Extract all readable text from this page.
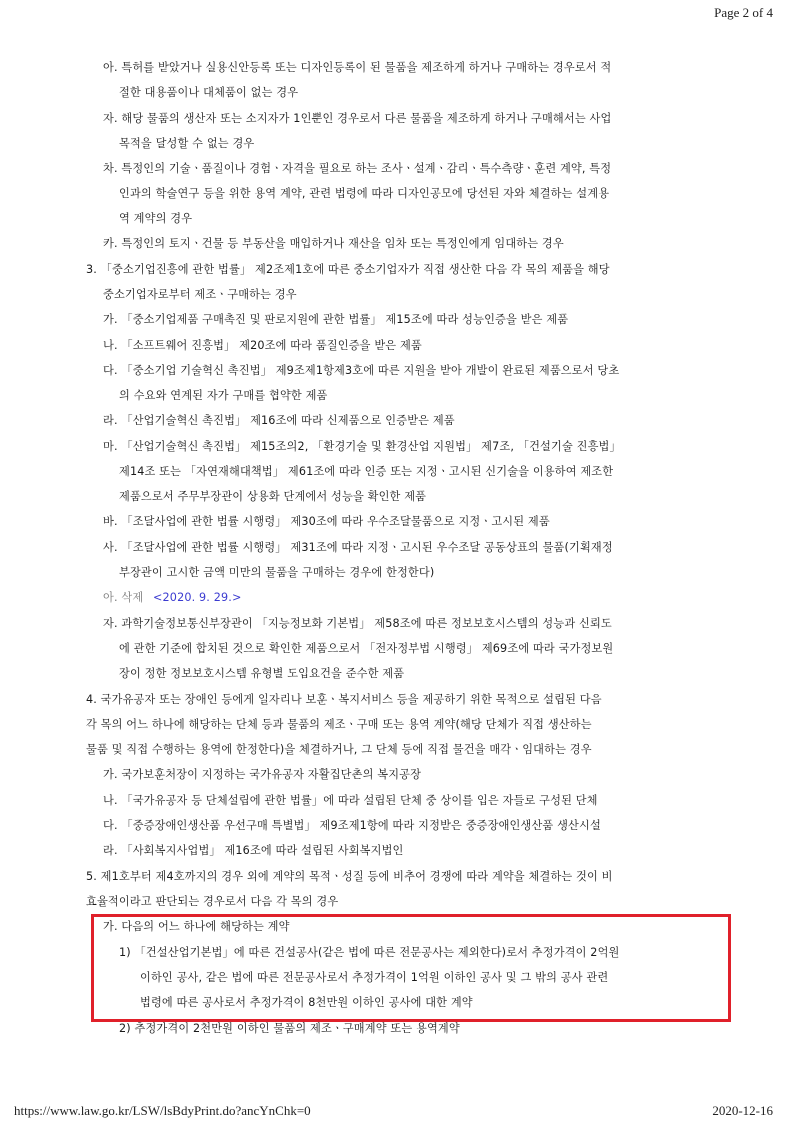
Page 2 of 4
아. 특허를 받았거나 실용신안등록 또는 디자인등록이 된 물품을 제조하게 하거나 구매하는 경우로서 적
절한 대용품이나 대체품이 없는 경우
자. 해당 물품의 생산자 또는 소지자가 1인뿐인 경우로서 다른 물품을 제조하게 하거나 구매해서는 사업
목적을 달성할 수 없는 경우
차. 특정인의 기술ㆍ품질이나 경험ㆍ자격을 필요로 하는 조사ㆍ설계ㆍ감리ㆍ특수측량ㆍ훈련 계약, 특정
인과의 학술연구 등을 위한 용역 계약, 관련 법령에 따라 디자인공모에 당선된 자와 체결하는 설계용
역 계약의 경우
카. 특정인의 토지ㆍ건물 등 부동산을 매입하거나 재산을 임차 또는 특정인에게 임대하는 경우
3. 「중소기업진흥에 관한 법률」 제2조제1호에 따른 중소기업자가 직접 생산한 다음 각 목의 제품을 해당
중소기업자로부터 제조ㆍ구매하는 경우
가. 「중소기업제품 구매촉진 및 판로지원에 관한 법률」 제15조에 따라 성능인증을 받은 제품
나. 「소프트웨어 진흥법」 제20조에 따라 품질인증을 받은 제품
다. 「중소기업 기술혁신 촉진법」 제9조제1항제3호에 따른 지원을 받아 개발이 완료된 제품으로서 당초
의 수요와 연계된 자가 구매를 협약한 제품
라. 「산업기술혁신 촉진법」 제16조에 따라 신제품으로 인증받은 제품
마. 「산업기술혁신 촉진법」 제15조의2, 「환경기술 및 환경산업 지원법」 제7조, 「건설기술 진흥법」
제14조 또는 「자연재해대책법」 제61조에 따라 인증 또는 지정ㆍ고시된 신기술을 이용하여 제조한
제품으로서 주무부장관이 상용화 단계에서 성능을 확인한 제품
바. 「조달사업에 관한 법률 시행령」 제30조에 따라 우수조달물품으로 지정ㆍ고시된 제품
사. 「조달사업에 관한 법률 시행령」 제31조에 따라 지정ㆍ고시된 우수조달 공동상표의 물품(기획재정
부장관이 고시한 금액 미만의 물품을 구매하는 경우에 한정한다)
아. 삭제 <2020. 9. 29.>
자. 과학기술정보통신부장관이 「지능정보화 기본법」 제58조에 따른 정보보호시스템의 성능과 신뢰도
에 관한 기준에 합치된 것으로 확인한 제품으로서 「전자정부법 시행령」 제69조에 따라 국가정보원
장이 정한 정보보호시스템 유형별 도입요건을 준수한 제품
4. 국가유공자 또는 장애인 등에게 일자리나 보훈ㆍ복지서비스 등을 제공하기 위한 목적으로 설립된 다음
각 목의 어느 하나에 해당하는 단체 등과 물품의 제조ㆍ구매 또는 용역 계약(해당 단체가 직접 생산하는
물품 및 직접 수행하는 용역에 한정한다)을 체결하거나, 그 단체 등에 직접 물건을 매각ㆍ임대하는 경우
가. 국가보훈처장이 지정하는 국가유공자 자활집단촌의 복지공장
나. 「국가유공자 등 단체설립에 관한 법률」에 따라 설립된 단체 중 상이를 입은 자들로 구성된 단체
다. 「중증장애인생산품 우선구매 특별법」 제9조제1항에 따라 지정받은 중증장애인생산품 생산시설
라. 「사회복지사업법」 제16조에 따라 설립된 사회복지법인
5. 제1호부터 제4호까지의 경우 외에 계약의 목적ㆍ성질 등에 비추어 경쟁에 따라 계약을 체결하는 것이 비
효율적이라고 판단되는 경우로서 다음 각 목의 경우
가. 다음의 어느 하나에 해당하는 계약
1) 「건설산업기본법」에 따른 건설공사(같은 법에 따른 전문공사는 제외한다)로서 추정가격이 2억원
이하인 공사, 같은 법에 따른 전문공사로서 추정가격이 1억원 이하인 공사 및 그 밖의 공사 관련
법령에 따른 공사로서 추정가격이 8천만원 이하인 공사에 대한 계약
2) 추정가격이 2천만원 이하인 물품의 제조ㆍ구매계약 또는 용역계약
https://www.law.go.kr/LSW/lsBdyPrint.do?ancYnChk=0	2020-12-16
